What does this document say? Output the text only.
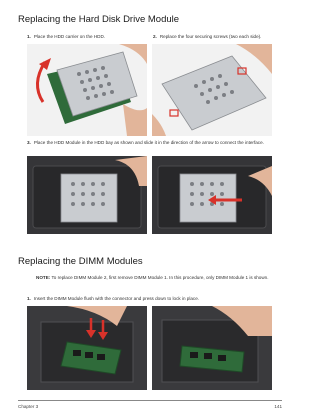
Replacing the Hard Disk Drive Module
1. Place the HDD carrier on the HDD.	2. Replace the four securing screws (two each side).
3. Place the HDD Module in the HDD bay as shown and slide it in the direction of the arrow to connect the interface.
Replacing the DIMM Modules
NOTE: To replace DIMM Module 2, first remove DIMM Module 1. In this procedure, only DIMM Module 1 is shown.
1. Insert the DIMM Module flush with the connector and press down to lock in place.
Chapter 3	141
